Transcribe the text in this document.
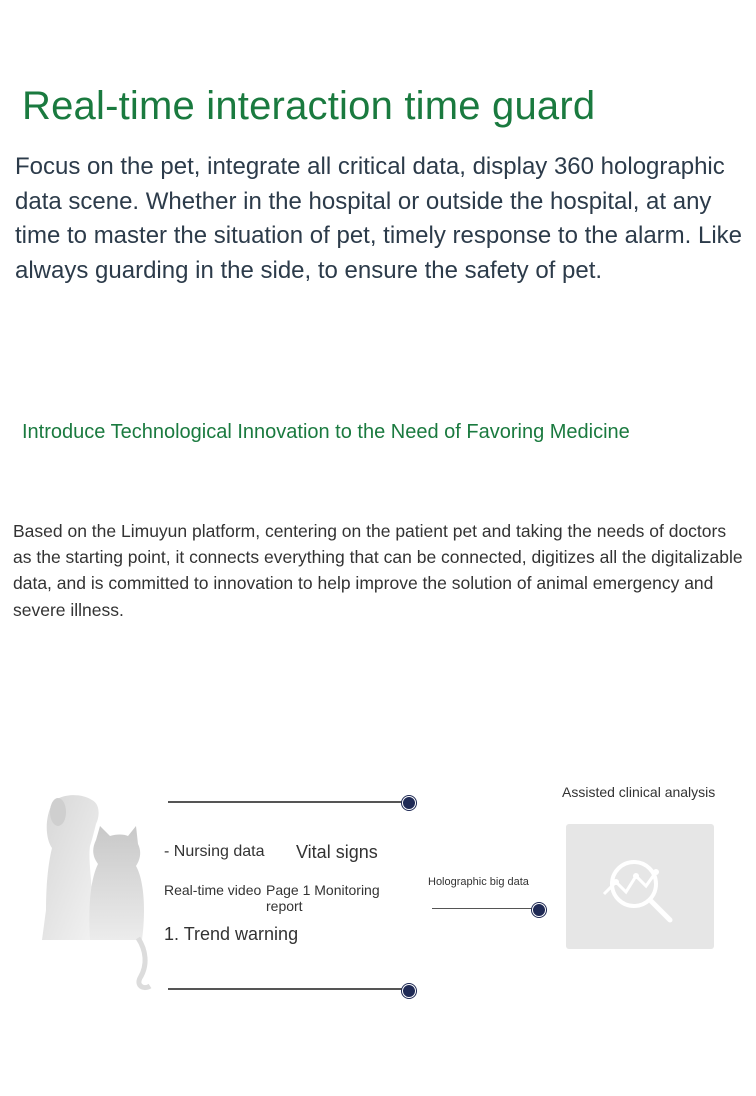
Real-time interaction time guard
Focus on the pet, integrate all critical data, display 360 holographic data scene. Whether in the hospital or outside the hospital, at any time to master the situation of pet, timely response to the alarm. Like always guarding in the side, to ensure the safety of pet.
Introduce Technological Innovation to the Need of Favoring Medicine
Based on the Limuyun platform, centering on the patient pet and taking the needs of doctors as the starting point, it connects everything that can be connected, digitizes all the digitalizable data, and is committed to innovation to help improve the solution of animal emergency and severe illness.
- Nursing data Vital signs
Real-time video Page 1 Monitoring
report
1. Trend warning
Holographic big data
Assisted clinical analysis
